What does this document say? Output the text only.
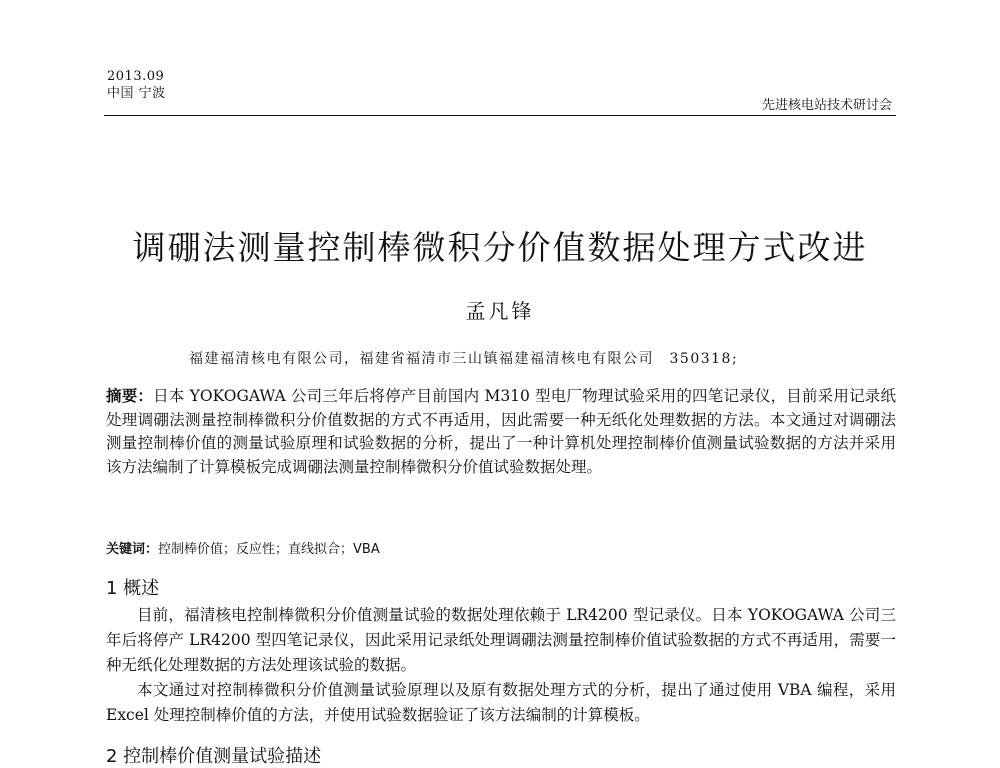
2013.09
中国 宁波
先进核电站技术研讨会
调硼法测量控制棒微积分价值数据处理方式改进
孟凡锋
福建福清核电有限公司，福建省福清市三山镇福建福清核电有限公司　350318;
摘要：日本 YOKOGAWA 公司三年后将停产目前国内 M310 型电厂物理试验采用的四笔记录仪，目前采用记录纸处理调硼法测量控制棒微积分价值数据的方式不再适用，因此需要一种无纸化处理数据的方法。本文通过对调硼法测量控制棒价值的测量试验原理和试验数据的分析，提出了一种计算机处理控制棒价值测量试验数据的方法并采用该方法编制了计算模板完成调硼法测量控制棒微积分价值试验数据处理。
关键词：控制棒价值；反应性；直线拟合；VBA
1 概述

目前，福清核电控制棒微积分价值测量试验的数据处理依赖于 LR4200 型记录仪。日本 YOKOGAWA 公司三年后将停产 LR4200 型四笔记录仪，因此采用记录纸处理调硼法测量控制棒价值试验数据的方式不再适用，需要一种无纸化处理数据的方法处理该试验的数据。

本文通过对控制棒微积分价值测量试验原理以及原有数据处理方式的分析，提出了通过使用 VBA 编程，采用 Excel 处理控制棒价值的方法，并使用试验数据验证了该方法编制的计算模板。

2 控制棒价值测量试验描述
